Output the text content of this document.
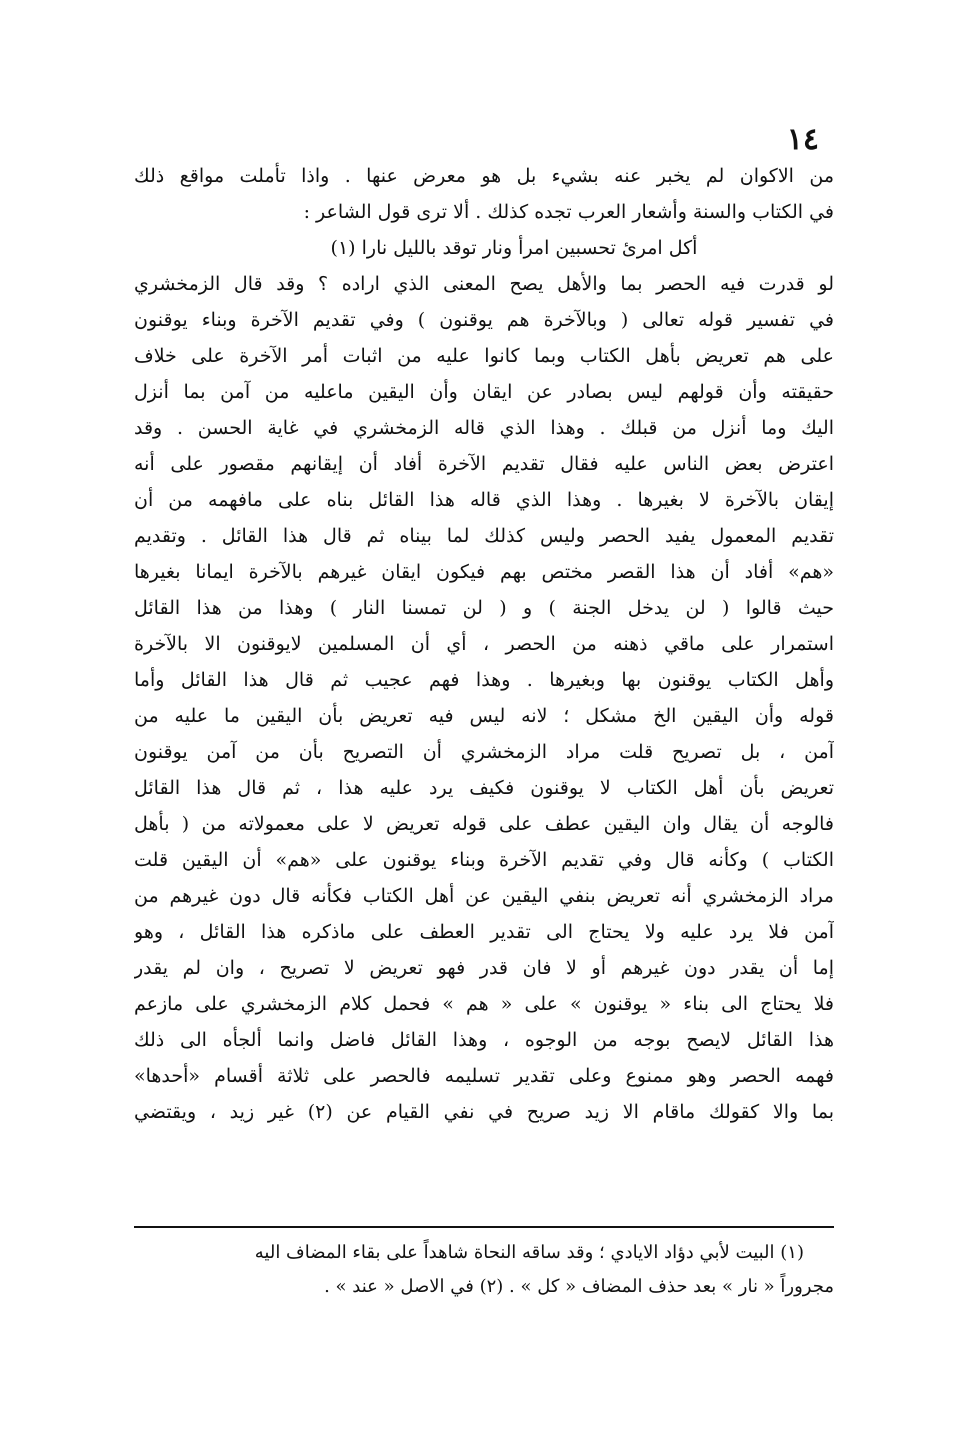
١٤
من الاكوان لم يخبر عنه بشيء بل هو معرض عنها . واذا تأملت مواقع ذلك
في الكتاب والسنة وأشعار العرب تجده كذلك . ألا ترى قول الشاعر :
أكل امرئ تحسبين امرأ ونار توقد بالليل نارا (١)
لو قدرت فيه الحصر بما والأهل يصح المعنى الذي اراده ؟ وقد قال الزمخشري
في تفسير قوله تعالى ( وبالآخرة هم يوقنون ) وفي تقديم الآخرة وبناء يوقنون
على هم تعريض بأهل الكتاب وبما كانوا عليه من اثبات أمر الآخرة على خلاف
حقيقته وأن قولهم ليس بصادر عن ايقان وأن اليقين ماعليه من آمن بما أنزل
اليك وما أنزل من قبلك . وهذا الذي قاله الزمخشري في غاية الحسن . وقد
اعترض بعض الناس عليه فقال تقديم الآخرة أفاد أن إيقانهم مقصور على أنه
إيقان بالآخرة لا بغيرها . وهذا الذي قاله هذا القائل بناه على مافهمه من أن
تقديم المعمول يفيد الحصر وليس كذلك لما بيناه ثم قال هذا القائل . وتقديم
«هم» أفاد أن هذا القصر مختص بهم فيكون ايقان غيرهم بالآخرة ايمانا بغيرها
حيث قالوا ( لن يدخل الجنة ) و ( لن تمسنا النار ) وهذا من هذا القائل
استمرار على ماقي ذهنه من الحصر ، أي أن المسلمين لايوقنون الا بالآخرة
وأهل الكتاب يوقنون بها وبغيرها . وهذا فهم عجيب ثم قال هذا القائل وأما
قوله وأن اليقين الخ مشكل ؛ لانه ليس فيه تعريض بأن اليقين ما عليه من
آمن ، بل تصريح قلت مراد الزمخشري أن التصريح بأن من آمن يوقنون
تعريض بأن أهل الكتاب لا يوقنون فكيف يرد عليه هذا ، ثم قال هذا القائل
فالوجه أن يقال وان اليقين عطف على قوله تعريض لا على معمولاته من ( بأهل
الكتاب ) وكأنه قال وفي تقديم الآخرة وبناء يوقنون على «هم» أن اليقين قلت
مراد الزمخشري أنه تعريض بنفي اليقين عن أهل الكتاب فكأنه قال دون غيرهم من
آمن فلا يرد عليه ولا يحتاج الى تقدير العطف على ماذكره هذا القائل ، وهو
إما أن يقدر دون غيرهم أو لا فان قدر فهو تعريض لا تصريح ، وان لم يقدر
فلا يحتاج الى بناء « يوقنون » على « هم » فحمل كلام الزمخشري على مازعم
هذا القائل لايصح بوجه من الوجوه ، وهذا القائل فاضل وانما ألجأه الى ذلك
فهمه الحصر وهو ممنوع وعلى تقدير تسليمه فالحصر على ثلاثة أقسام «أحدها»
بما والا كقولك ماقام الا زيد صريح في نفي القيام عن (٢) غير زيد ، ويقتضي
(١) البيت لأبي دؤاد الايادي ؛ وقد ساقه النحاة شاهداً على بقاء المضاف اليه
مجروراً « نار » بعد حذف المضاف « كل » . (٢) في الاصل « عند » .
